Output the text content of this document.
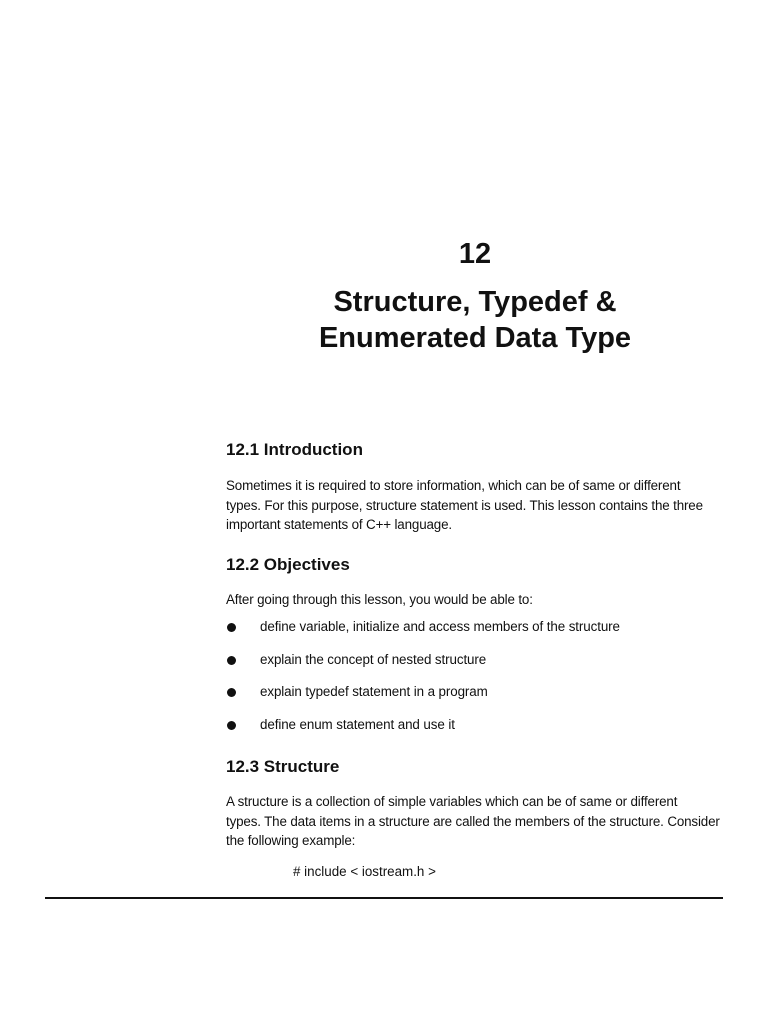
12
Structure, Typedef &
Enumerated Data Type
12.1 Introduction

Sometimes it is required to store information, which can be of same or different
types. For this purpose, structure statement is used. This lesson contains the three
important statements of C++ language.

12.2 Objectives

After going through this lesson, you would be able to:

define variable, initialize and access members of the structure
explain the concept of nested structure
explain typedef statement in a program
define enum statement and use it
12.3 Structure

A structure is a collection of simple variables which can be of same or different
types. The data items in a structure are called the members of the structure. Consider
the following example:

# include < iostream.h >
